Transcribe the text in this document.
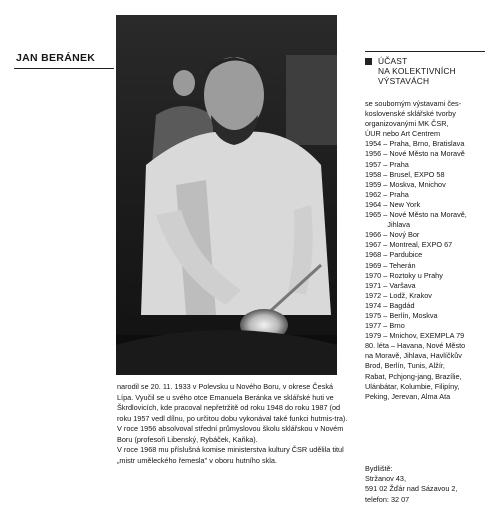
JAN BERÁNEK	ÚČAST
NA KOLEKTIVNÍCH
VÝSTAVÁCH
se souborným výstavami čes-
koslovenské sklářské tvorby
organizovanými MK ČSR,
ÚUR nebo Art Centrem
1954 – Praha, Brno, Bratislava
1956 – Nové Město na Moravě
1957 – Praha
1958 – Brusel, EXPO 58
1959 – Moskva, Mnichov
1962 – Praha
1964 – New York
1965 – Nové Město na Moravě,
Jihlava
1966 – Nový Bor
1967 – Montreal, EXPO 67
1968 – Pardubice
1969 – Teherán
1970 – Roztoky u Prahy
1971 – Varšava
1972 – Lodž, Krakov
1974 – Bagdád
1975 – Berlín, Moskva
1977 – Brno
1979 – Mnichov, EXEMPLA 79
80. léta – Havana, Nové Město
na Moravě, Jihlava, Havlíčkův
Brod, Berlín, Tunis, Alžír,
Rabat, Pchjong-jang, Brazílie,
Ulánbátar, Kolumbie, Filipíny,
Peking, Jerevan, Alma Ata

narodil se 20. 11. 1933 v Polevsku u Nového Boru, v okrese Česká Lípa. Vyučil se u svého otce Emanuela Beránka ve sklářské huti ve Škrdlovicích, kde pracoval nepřetržitě od roku 1948 do roku 1987 (od roku 1957 vedl dílnu, po určitou dobu vykonával také funkci hutmis-tra). V roce 1956 absolvoval střední průmyslovou školu sklářskou v Novém Boru (profesoři Libenský, Rybáček, Kaňka).

V roce 1968 mu příslušná komise ministerstva kultury ČSR udělila titul „mistr uměleckého řemesla" v oboru hutního skla.

Bydliště:
Stržanov 43,
591 02 Žďár nad Sázavou 2,
telefon: 32 07
